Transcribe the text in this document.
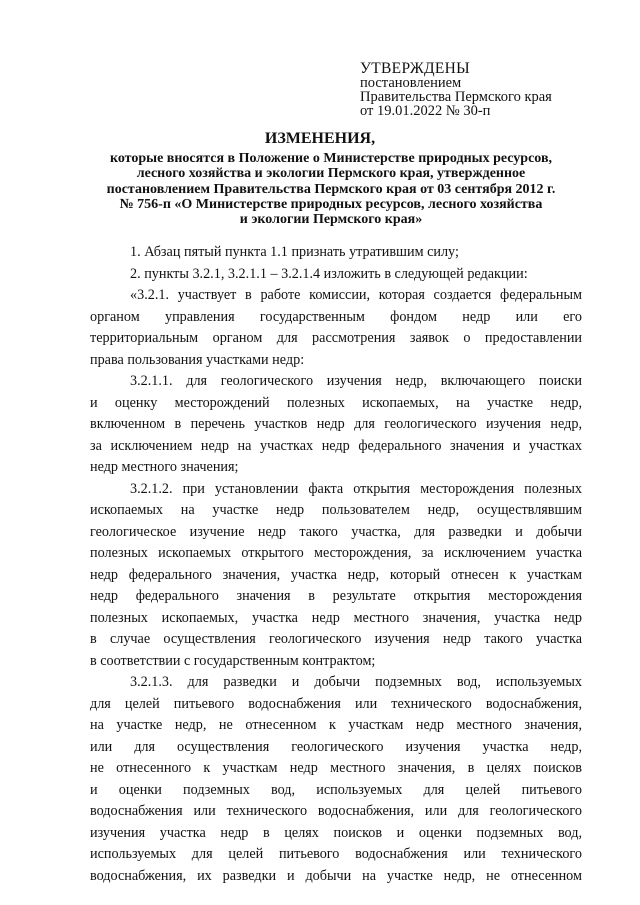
УТВЕРЖДЕНЫ
постановлением
Правительства Пермского края
от 19.01.2022 № 30-п
ИЗМЕНЕНИЯ,
которые вносятся в Положение о Министерстве природных ресурсов,
лесного хозяйства и экологии Пермского края, утвержденное
постановлением Правительства Пермского края от 03 сентября 2012 г.
№ 756-п «О Министерстве природных ресурсов, лесного хозяйства
и экологии Пермского края»
1. Абзац пятый пункта 1.1 признать утратившим силу;
2. пункты 3.2.1, 3.2.1.1 – 3.2.1.4 изложить в следующей редакции:
«3.2.1. участвует в работе комиссии, которая создается федеральным
органом управления государственным фондом недр или его
территориальным органом для рассмотрения заявок о предоставлении
права пользования участками недр:
3.2.1.1. для геологического изучения недр, включающего поиски
и оценку месторождений полезных ископаемых, на участке недр,
включенном в перечень участков недр для геологического изучения недр,
за исключением недр на участках недр федерального значения и участках
недр местного значения;
3.2.1.2. при установлении факта открытия месторождения полезных
ископаемых на участке недр пользователем недр, осуществлявшим
геологическое изучение недр такого участка, для разведки и добычи
полезных ископаемых открытого месторождения, за исключением участка
недр федерального значения, участка недр, который отнесен к участкам
недр федерального значения в результате открытия месторождения
полезных ископаемых, участка недр местного значения, участка недр
в случае осуществления геологического изучения недр такого участка
в соответствии с государственным контрактом;
3.2.1.3. для разведки и добычи подземных вод, используемых
для целей питьевого водоснабжения или технического водоснабжения,
на участке недр, не отнесенном к участкам недр местного значения,
или для осуществления геологического изучения участка недр,
не отнесенного к участкам недр местного значения, в целях поисков
и оценки подземных вод, используемых для целей питьевого
водоснабжения или технического водоснабжения, или для геологического
изучения участка недр в целях поисков и оценки подземных вод,
используемых для целей питьевого водоснабжения или технического
водоснабжения, их разведки и добычи на участке недр, не отнесенном
